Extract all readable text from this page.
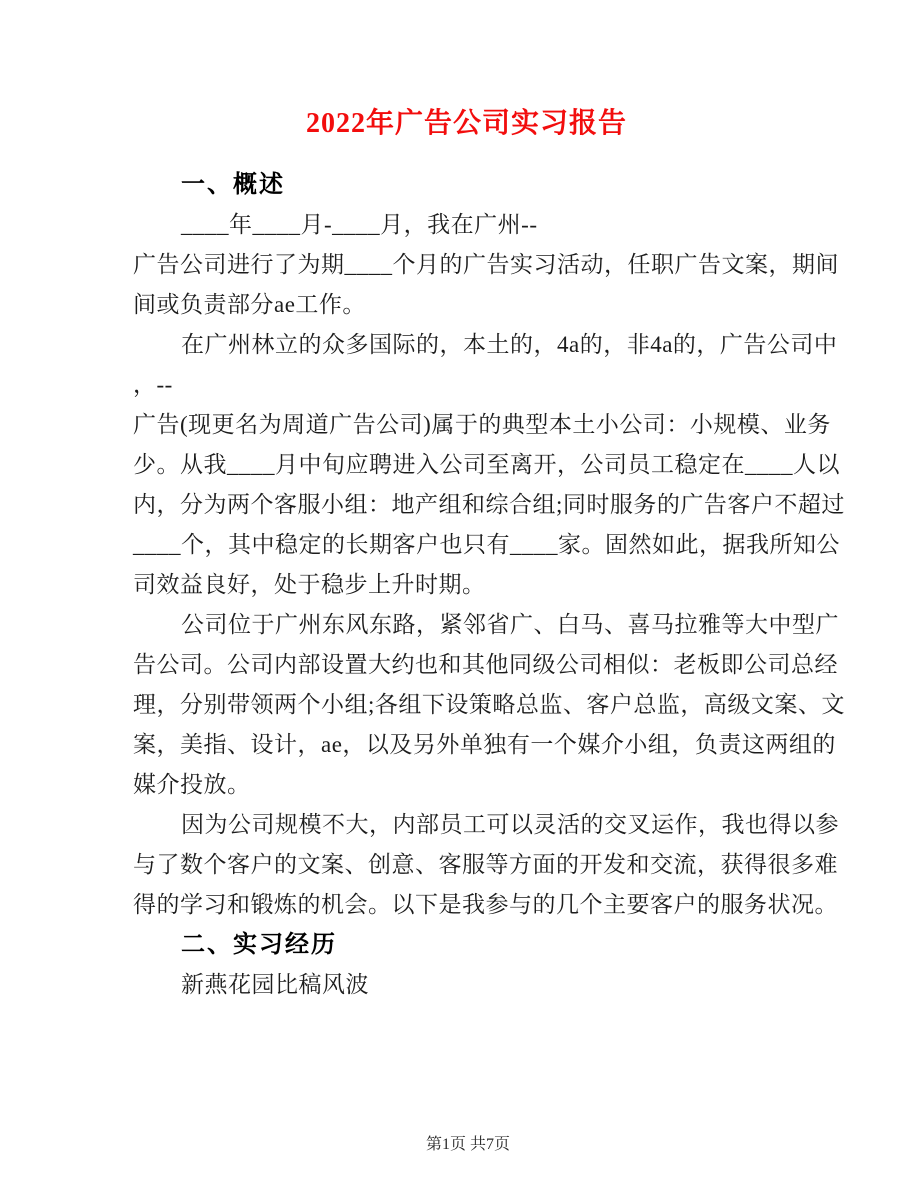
2022年广告公司实习报告
一、概述
____年____月-____月，我在广州--
广告公司进行了为期____个月的广告实习活动，任职广告文案，期间
间或负责部分ae工作。
在广州林立的众多国际的，本土的，4a的，非4a的，广告公司中
，--
广告(现更名为周道广告公司)属于的典型本土小公司：小规模、业务
少。从我____月中旬应聘进入公司至离开，公司员工稳定在____人以
内，分为两个客服小组：地产组和综合组;同时服务的广告客户不超过
____个，其中稳定的长期客户也只有____家。固然如此，据我所知公
司效益良好，处于稳步上升时期。
公司位于广州东风东路，紧邻省广、白马、喜马拉雅等大中型广
告公司。公司内部设置大约也和其他同级公司相似：老板即公司总经
理，分别带领两个小组;各组下设策略总监、客户总监，高级文案、文
案，美指、设计，ae，以及另外单独有一个媒介小组，负责这两组的
媒介投放。
因为公司规模不大，内部员工可以灵活的交叉运作，我也得以参
与了数个客户的文案、创意、客服等方面的开发和交流，获得很多难
得的学习和锻炼的机会。以下是我参与的几个主要客户的服务状况。
二、实习经历
新燕花园比稿风波

第1页 共7页
